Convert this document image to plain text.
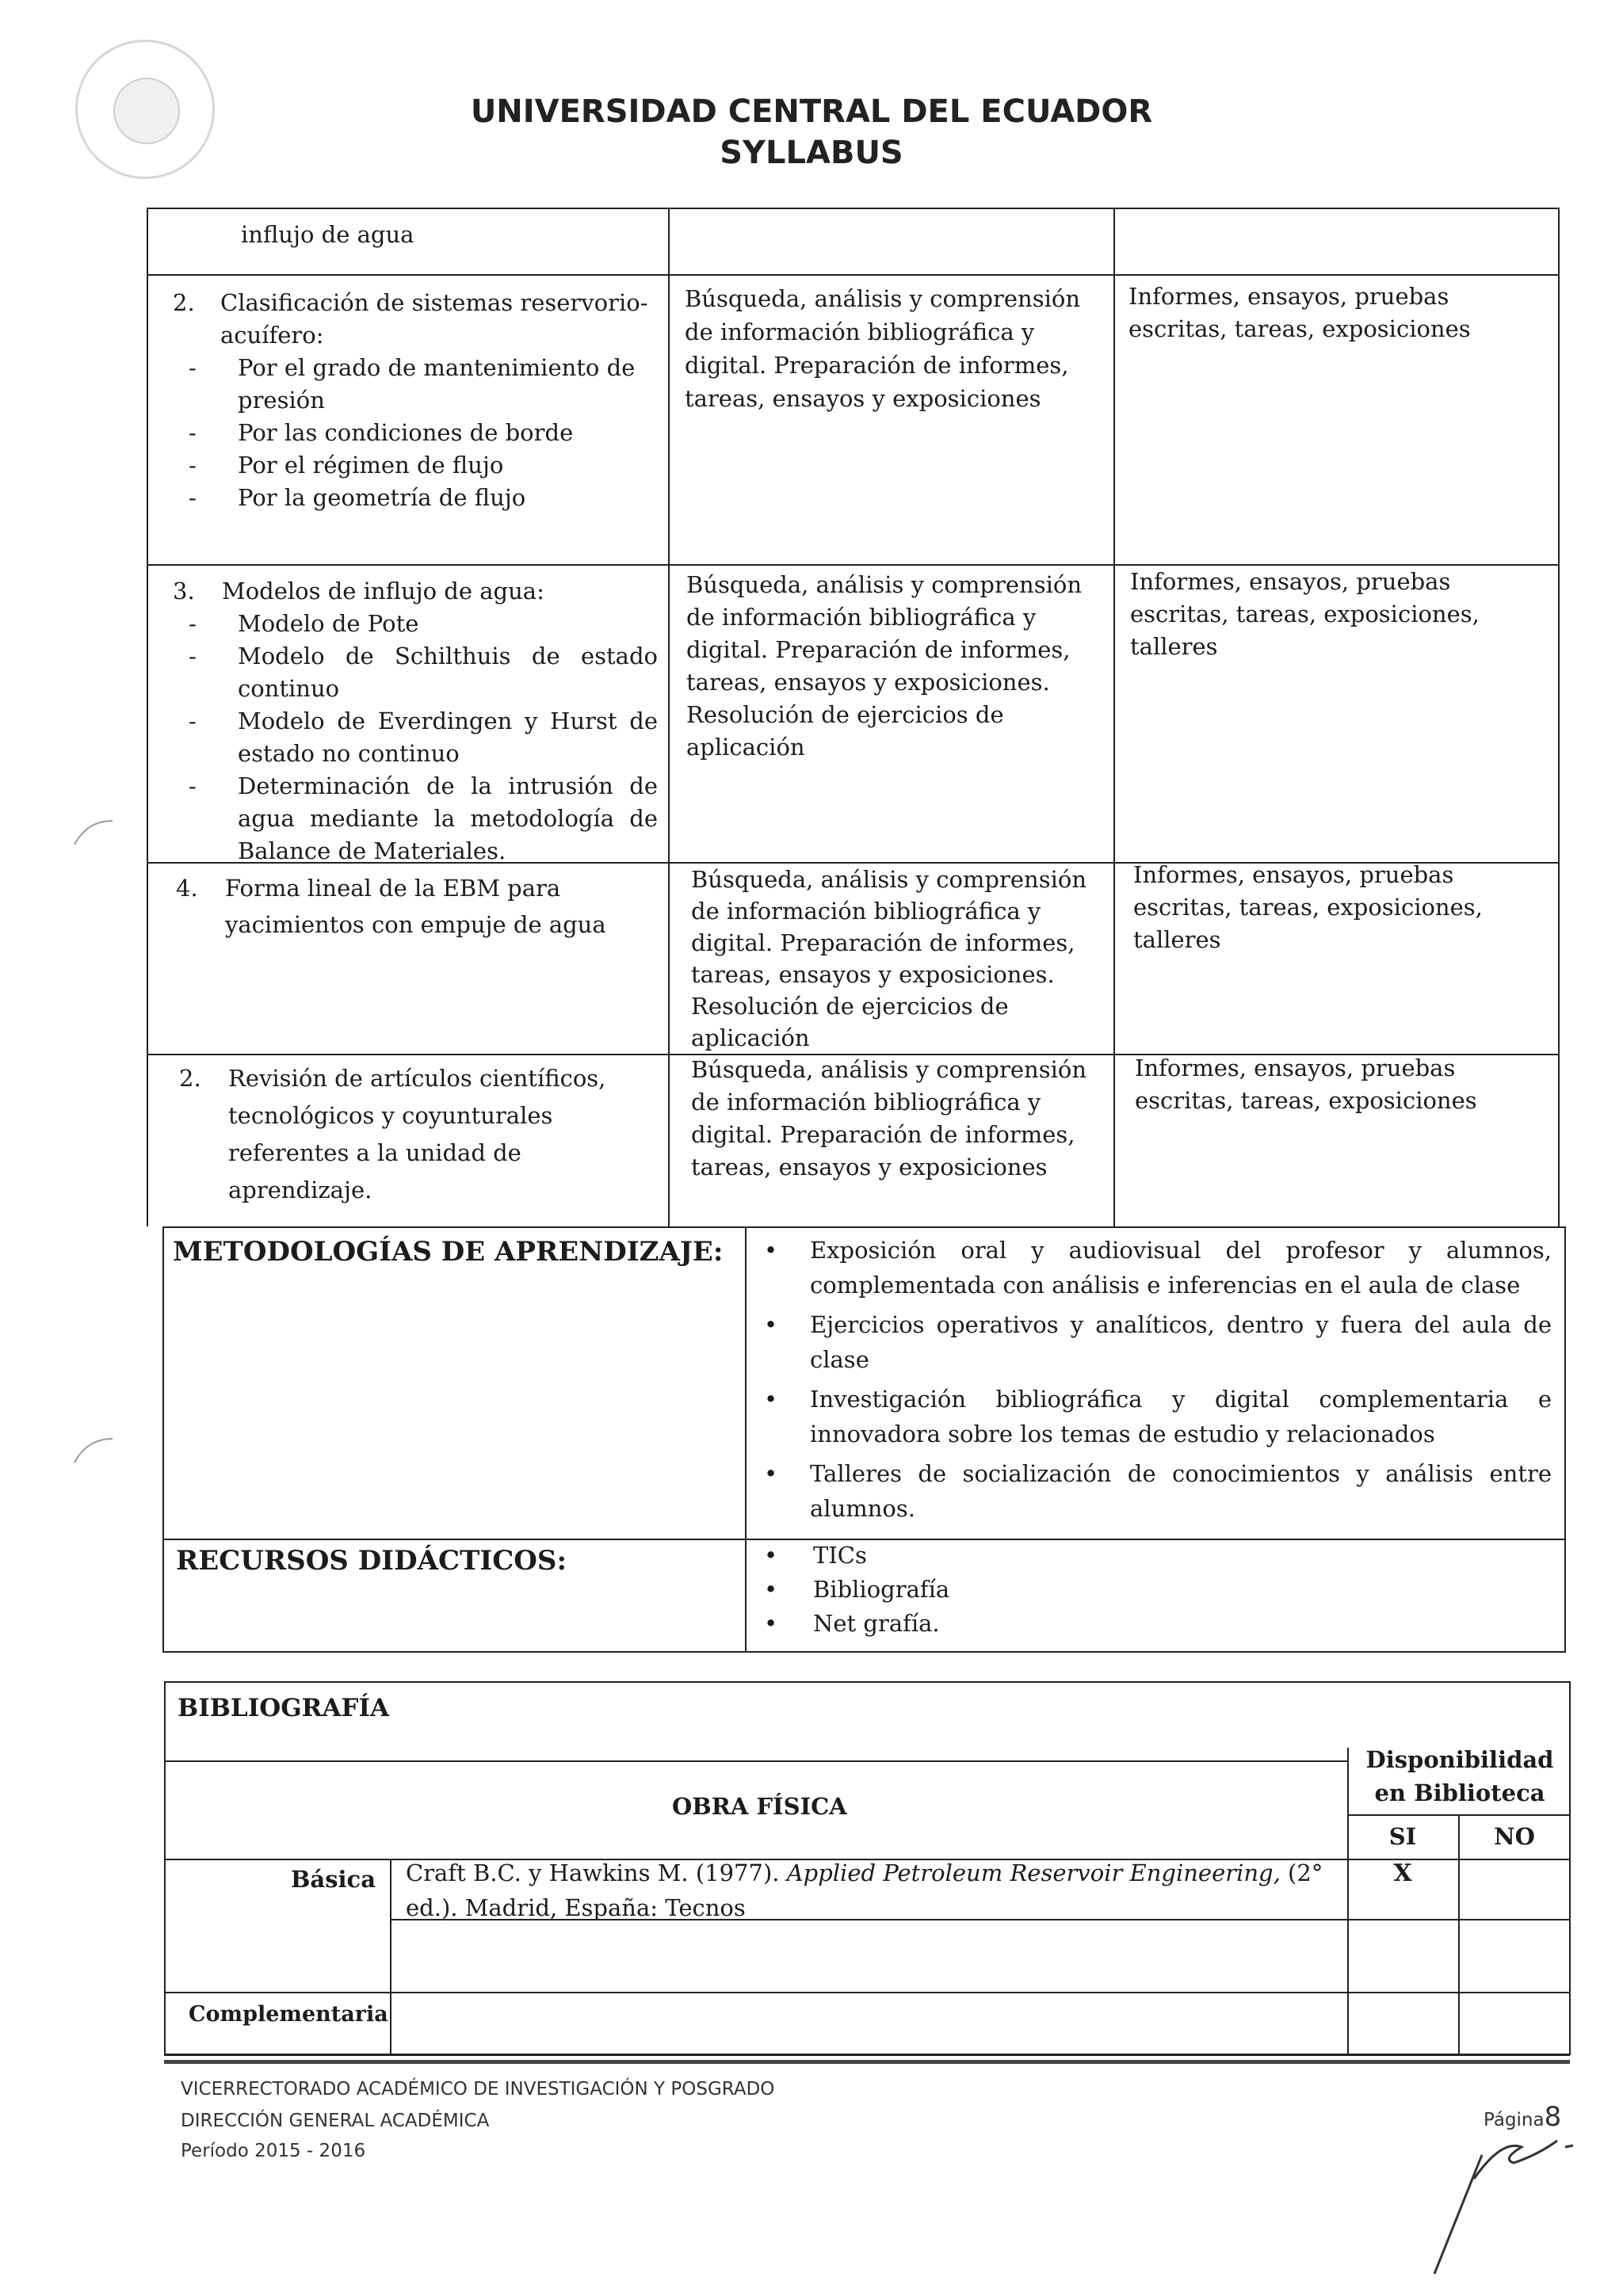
UNIVERSIDAD CENTRAL DEL ECUADOR
SYLLABUS

influjo de agua

2. Clasificación de sistemas reservorio-

acuífero:

- Por el grado de mantenimiento de

presión

- Por las condiciones de borde

- Por el régimen de flujo

- Por la geometría de flujo

Búsqueda, análisis y comprensión

de información bibliográfica y

digital. Preparación de informes,

tareas, ensayos y exposiciones

Informes, ensayos, pruebas

escritas, tareas, exposiciones

3. Modelos de influjo de agua:

- Modelo de Pote

- Modelo de Schilthuis de estado

continuo

- Modelo de Everdingen y Hurst de

estado no continuo

- Determinación de la intrusión de

agua mediante la metodología de

Balance de Materiales.

Búsqueda, análisis y comprensión

de información bibliográfica y

digital. Preparación de informes,

tareas, ensayos y exposiciones.

Resolución de ejercicios de

aplicación

Informes, ensayos, pruebas

escritas, tareas, exposiciones,

talleres

4. Forma lineal de la EBM para

yacimientos con empuje de agua

Búsqueda, análisis y comprensión

de información bibliográfica y

digital. Preparación de informes,

tareas, ensayos y exposiciones.

Resolución de ejercicios de

aplicación

Informes, ensayos, pruebas

escritas, tareas, exposiciones,

talleres

2. Revisión de artículos científicos,

tecnológicos y coyunturales

referentes a la unidad de

aprendizaje.

Búsqueda, análisis y comprensión

de información bibliográfica y

digital. Preparación de informes,

tareas, ensayos y exposiciones

Informes, ensayos, pruebas

escritas, tareas, exposiciones

METODOLOGÍAS DE APRENDIZAJE: • Exposición oral y audiovisual del profesor y alumnos,

complementada con análisis e inferencias en el aula de clase

• Ejercicios operativos y analíticos, dentro y fuera del aula de

clase

• Investigación bibliográfica y digital complementaria e

innovadora sobre los temas de estudio y relacionados

• Talleres de socialización de conocimientos y análisis entre

alumnos.

RECURSOS DIDÁCTICOS:	• TICs

• Bibliografía

• Net grafía.

BIBLIOGRAFÍA
OBRA FÍSICA

Disponibilidad

en Biblioteca

SI	NO
Básica Craft B.C. y Hawkins M. (1977). Applied Petroleum Reservoir Engineering, (2°

ed.). Madrid, España: Tecnos

X
Complementaria
VICERRECTORADO ACADÉMICO DE INVESTIGACIÓN Y POSGRADO
DIRECCIÓN GENERAL ACADÉMICA
Período 2015 - 2016
Página8
